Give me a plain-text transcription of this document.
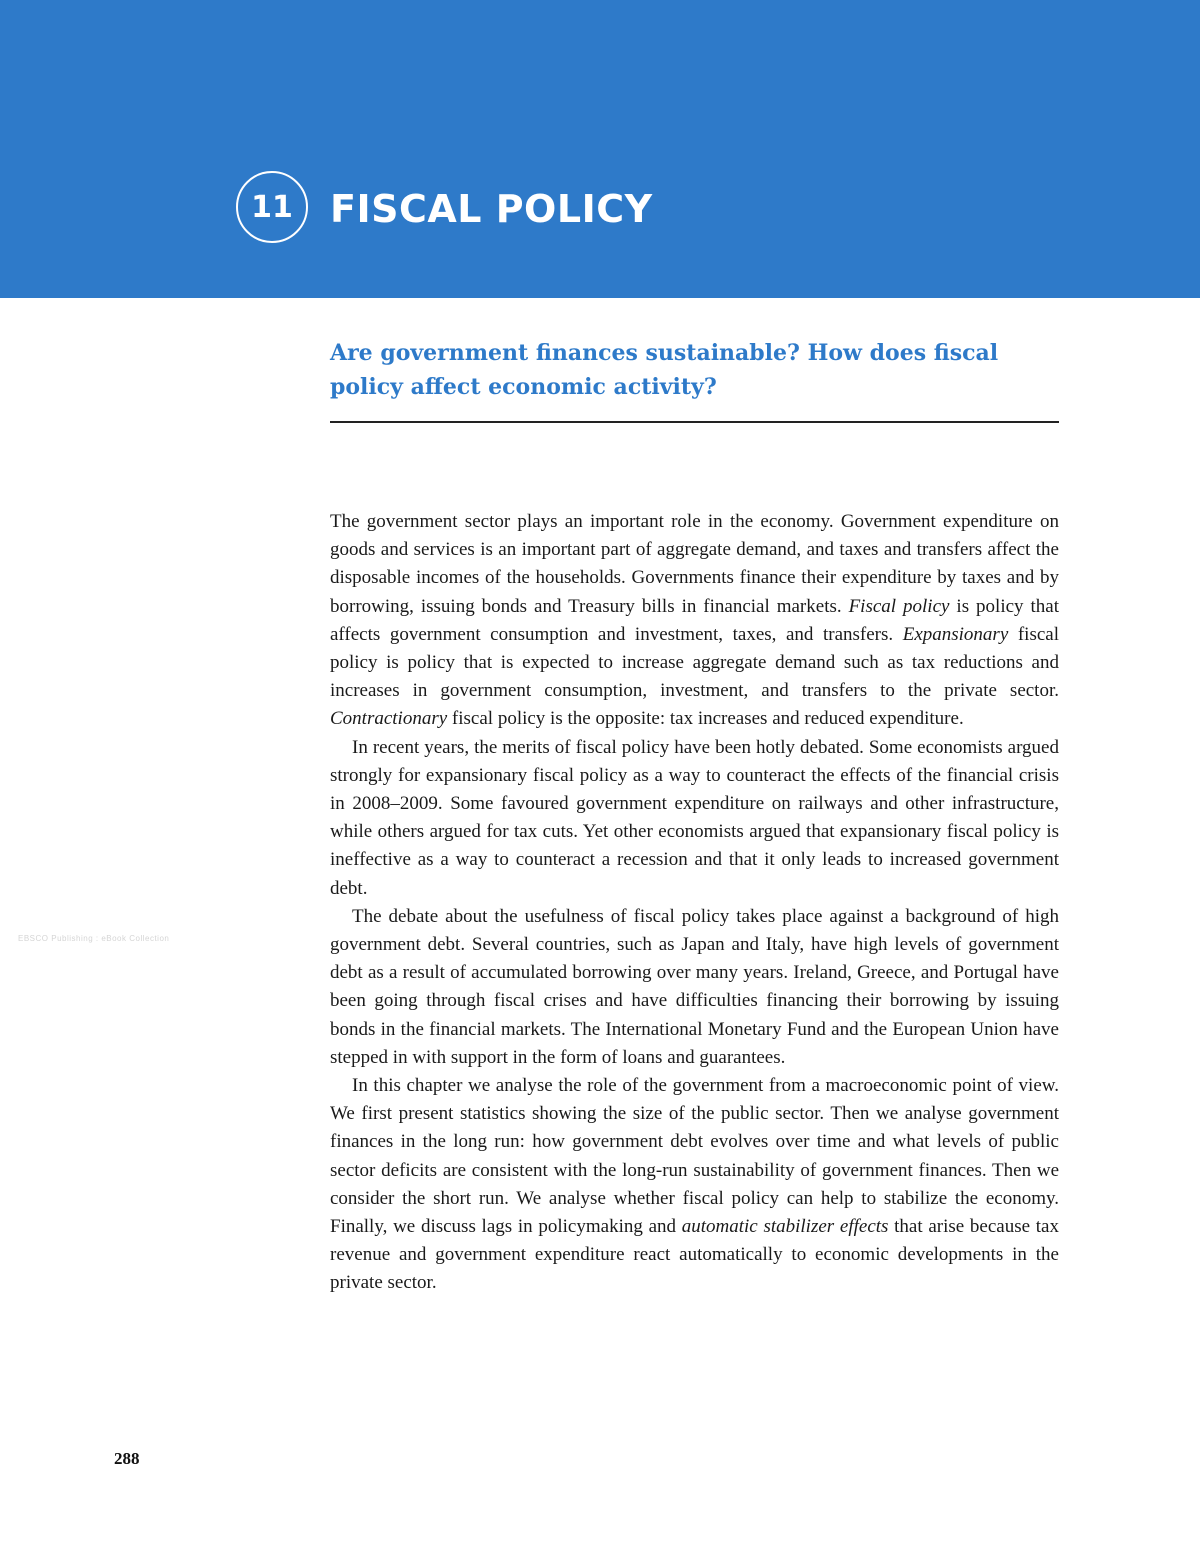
11 FISCAL POLICY
Are government finances sustainable? How does fiscal policy affect economic activity?

The government sector plays an important role in the economy. Government expenditure on goods and services is an important part of aggregate demand, and taxes and transfers affect the disposable incomes of the households. Governments finance their expenditure by taxes and by borrowing, issuing bonds and Treasury bills in financial markets. Fiscal policy is policy that affects government consumption and investment, taxes, and transfers. Expansionary fiscal policy is policy that is expected to increase aggregate demand such as tax reductions and increases in government consumption, investment, and transfers to the private sector. Contractionary fiscal policy is the opposite: tax increases and reduced expenditure.

In recent years, the merits of fiscal policy have been hotly debated. Some economists argued strongly for expansionary fiscal policy as a way to counteract the effects of the financial crisis in 2008–2009. Some favoured government expenditure on railways and other infrastructure, while others argued for tax cuts. Yet other economists argued that expansionary fiscal policy is ineffective as a way to counteract a recession and that it only leads to increased government debt.

The debate about the usefulness of fiscal policy takes place against a background of high government debt. Several countries, such as Japan and Italy, have high levels of government debt as a result of accumulated borrowing over many years. Ireland, Greece, and Portugal have been going through fiscal crises and have difficulties financing their borrowing by issuing bonds in the financial markets. The International Monetary Fund and the European Union have stepped in with support in the form of loans and guarantees.

In this chapter we analyse the role of the government from a macroeconomic point of view. We first present statistics showing the size of the public sector. Then we analyse government finances in the long run: how government debt evolves over time and what levels of public sector deficits are consistent with the long-run sustainability of government finances. Then we consider the short run. We analyse whether fiscal policy can help to stabilize the economy. Finally, we discuss lags in policymaking and automatic stabilizer effects that arise because tax revenue and government expenditure react automatically to economic developments in the private sector.

EBSCO Publishing : eBook Collection
288
